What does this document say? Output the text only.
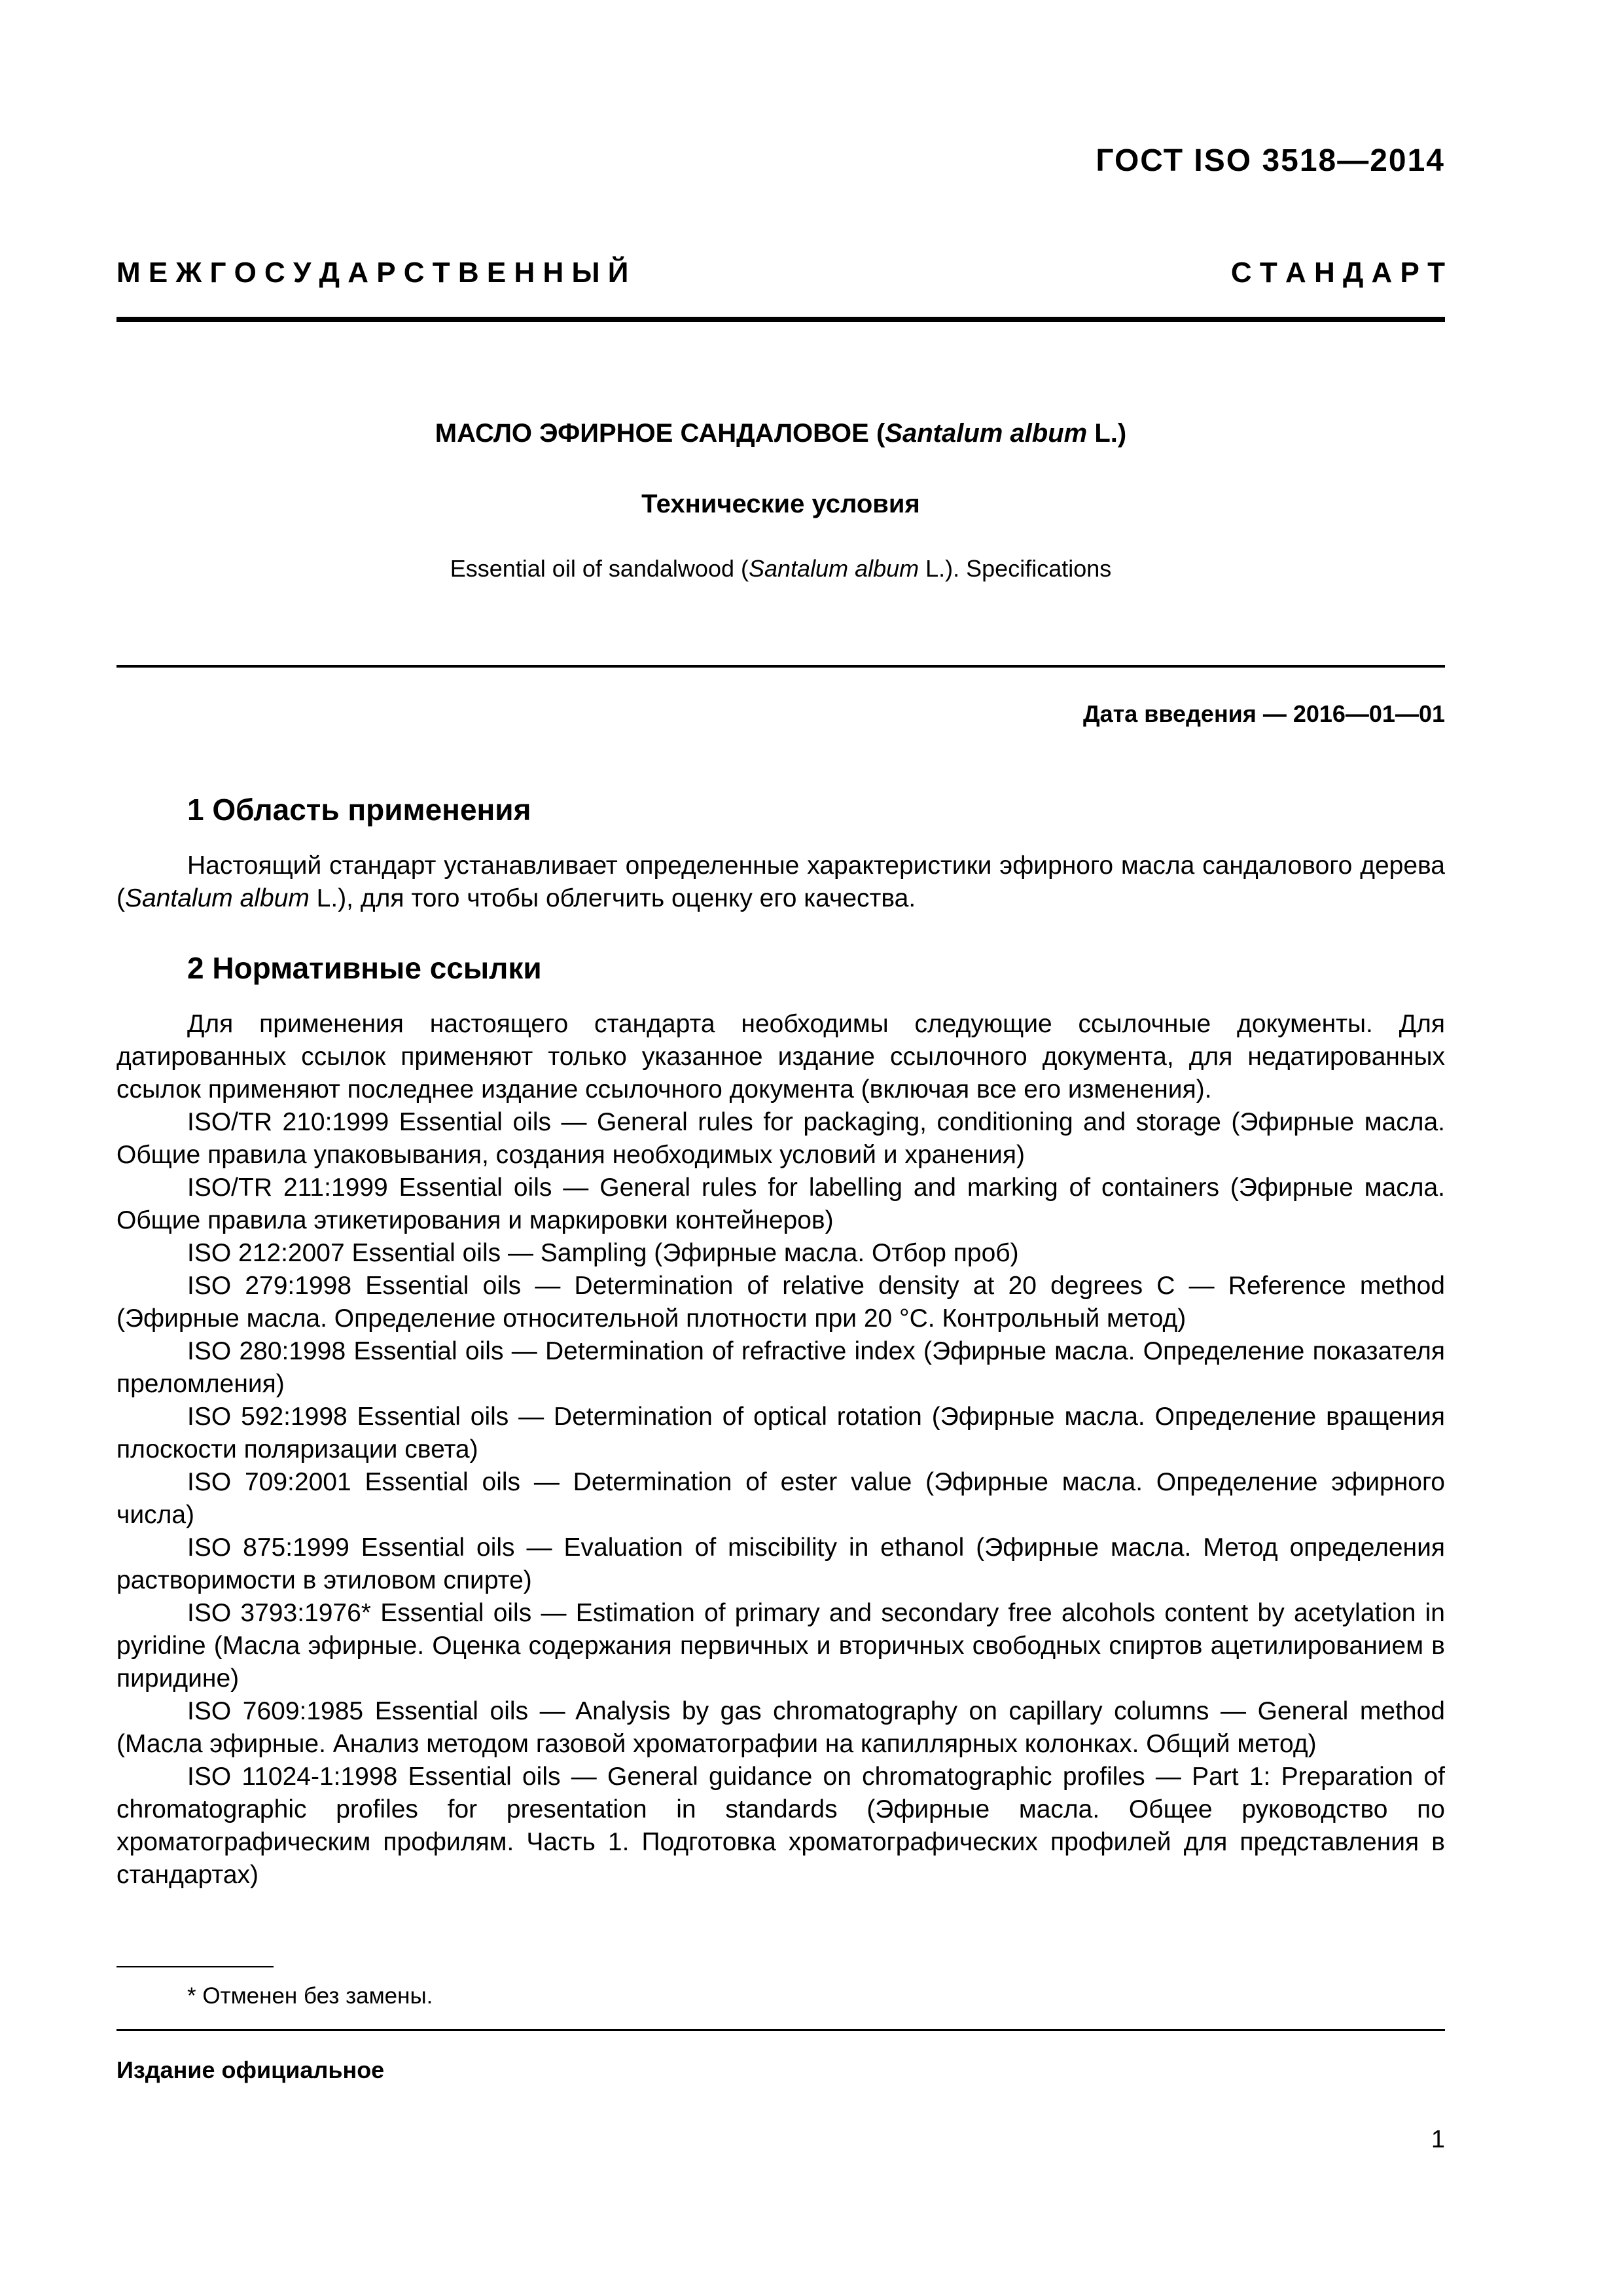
ГОСТ ISO 3518—2014
М Е Ж Г О С У Д А Р С Т В Е Н Н Ы Й	С Т А Н Д А Р Т
МАСЛО ЭФИРНОЕ САНДАЛОВОЕ (Santalum album L.)
Технические условия
Essential oil of sandalwood (Santalum album L.). Specifications
Дата введения — 2016—01—01
1 Область применения

Настоящий стандарт устанавливает определенные характеристики эфирного масла сандалового дерева (Santalum album L.), для того чтобы облегчить оценку его качества.

2 Нормативные ссылки

Для применения настоящего стандарта необходимы следующие ссылочные документы. Для датированных ссылок применяют только указанное издание ссылочного документа, для недатированных ссылок применяют последнее издание ссылочного документа (включая все его изменения).

ISO/TR 210:1999 Essential oils — General rules for packaging, conditioning and storage (Эфирные масла. Общие правила упаковывания, создания необходимых условий и хранения)

ISO/TR 211:1999 Essential oils — General rules for labelling and marking of containers (Эфирные масла. Общие правила этикетирования и маркировки контейнеров)

ISO 212:2007 Essential oils — Sampling (Эфирные масла. Отбор проб)

ISO 279:1998 Essential oils — Determination of relative density at 20 degrees C — Reference method (Эфирные масла. Определение относительной плотности при 20 °C. Контрольный метод)

ISO 280:1998 Essential oils — Determination of refractive index (Эфирные масла. Определение показателя преломления)

ISO 592:1998 Essential oils — Determination of optical rotation (Эфирные масла. Определение вращения плоскости поляризации света)

ISO 709:2001 Essential oils — Determination of ester value (Эфирные масла. Определение эфирного числа)

ISO 875:1999 Essential oils — Evaluation of miscibility in ethanol (Эфирные масла. Метод определения растворимости в этиловом спирте)

ISO 3793:1976* Essential oils — Estimation of primary and secondary free alcohols content by acetylation in pyridine (Масла эфирные. Оценка содержания первичных и вторичных свободных спиртов ацетилированием в пиридине)

ISO 7609:1985 Essential oils — Analysis by gas chromatography on capillary columns — General method (Масла эфирные. Анализ методом газовой хроматографии на капиллярных колонках. Общий метод)

ISO 11024-1:1998 Essential oils — General guidance on chromatographic profiles — Part 1: Preparation of chromatographic profiles for presentation in standards (Эфирные масла. Общее руководство по хроматографическим профилям. Часть 1. Подготовка хроматографических профилей для представления в стандартах)

* Отменен без замены.
Издание официальное
1
